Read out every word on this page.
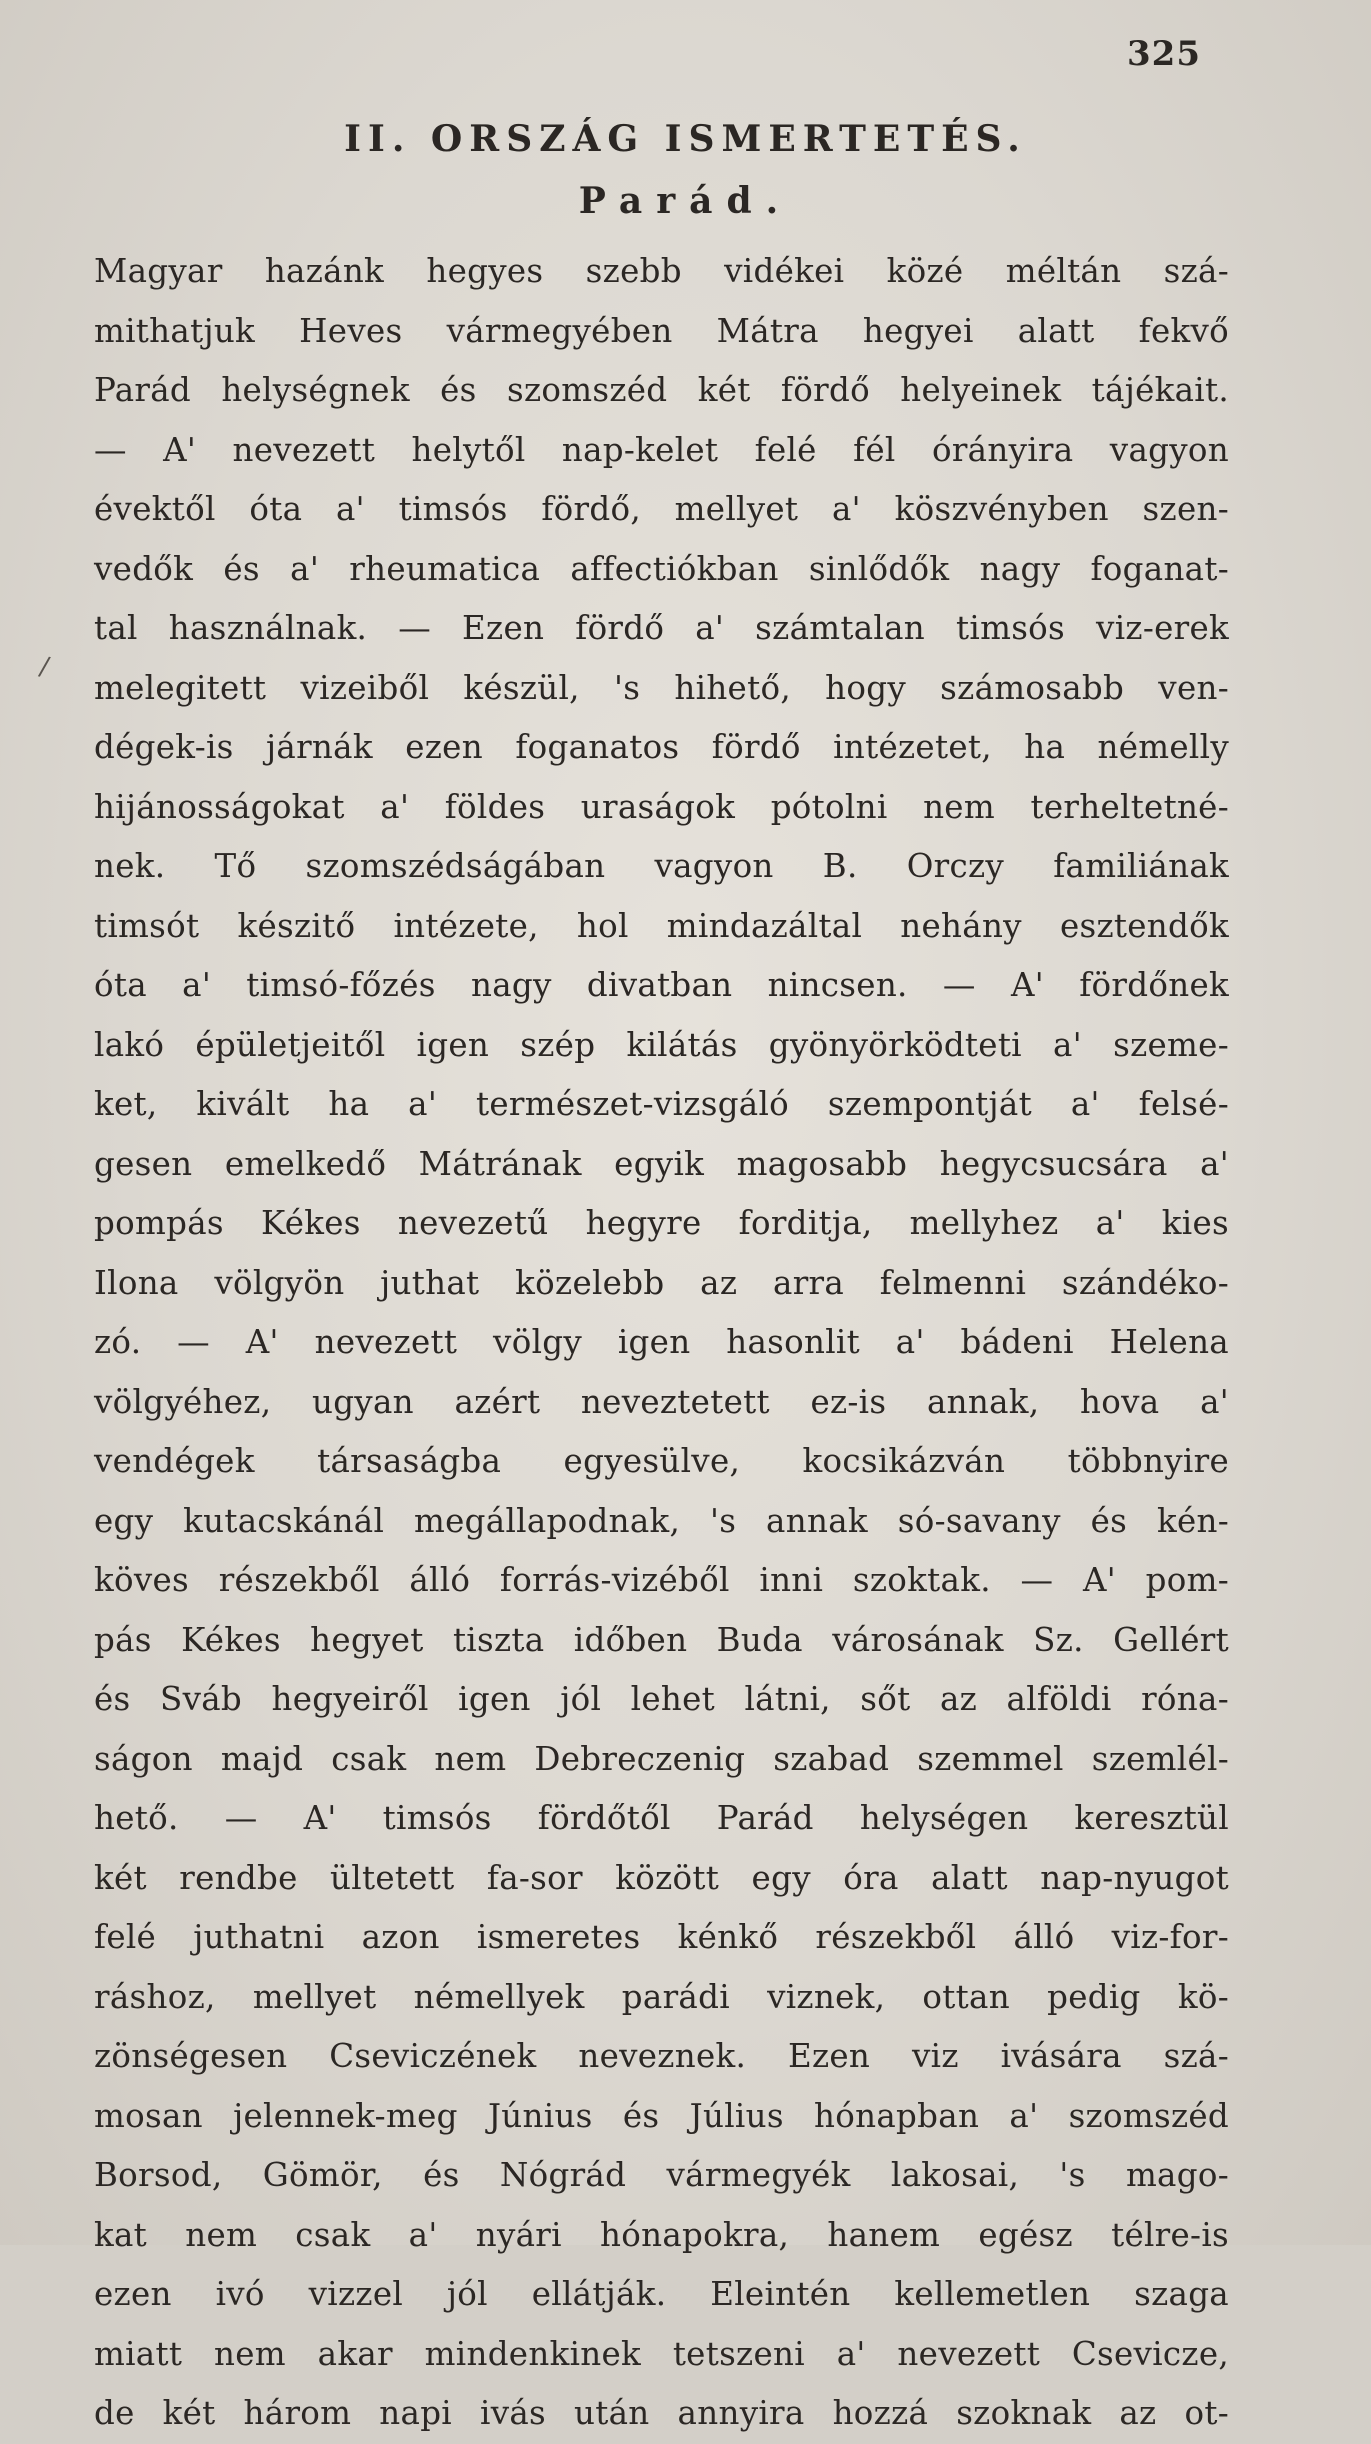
325
II. ORSZÁG ISMERTETÉS.
Parád.
/
Magyar hazánk hegyes szebb vidékei közé méltán szá-
mithatjuk Heves vármegyében Mátra hegyei alatt fekvő
Parád helységnek és szomszéd két fördő helyeinek tájékait.
— A' nevezett helytől nap-kelet felé fél órányira vagyon
évektől óta a' timsós fördő, mellyet a' köszvényben szen-
vedők és a' rheumatica affectiókban sinlődők nagy foganat-
tal használnak. — Ezen fördő a' számtalan timsós viz-erek
melegitett vizeiből készül, 's hihető, hogy számosabb ven-
dégek-is járnák ezen foganatos fördő intézetet, ha némelly
hijánosságokat a' földes uraságok pótolni nem terheltetné-
nek. Tő szomszédságában vagyon B. Orczy familiának
timsót készitő intézete, hol mindazáltal nehány esztendők
óta a' timsó-főzés nagy divatban nincsen. — A' fördőnek
lakó épületjeitől igen szép kilátás gyönyörködteti a' szeme-
ket, kivált ha a' természet-vizsgáló szempontját a' felsé-
gesen emelkedő Mátrának egyik magosabb hegycsucsára a'
pompás Kékes nevezetű hegyre forditja, mellyhez a' kies
Ilona völgyön juthat közelebb az arra felmenni szándéko-
zó. — A' nevezett völgy igen hasonlit a' bádeni Helena
völgyéhez, ugyan azért neveztetett ez-is annak, hova a'
vendégek társaságba egyesülve, kocsikázván többnyire
egy kutacskánál megállapodnak, 's annak só-savany és kén-
köves részekből álló forrás-vizéből inni szoktak. — A' pom-
pás Kékes hegyet tiszta időben Buda városának Sz. Gellért
és Sváb hegyeiről igen jól lehet látni, sőt az alföldi róna-
ságon majd csak nem Debreczenig szabad szemmel szemlél-
hető. — A' timsós fördőtől Parád helységen keresztül
két rendbe ültetett fa-sor között egy óra alatt nap-nyugot
felé juthatni azon ismeretes kénkő részekből álló viz-for-
ráshoz, mellyet némellyek parádi viznek, ottan pedig kö-
zönségesen Cseviczének neveznek. Ezen viz ivására szá-
mosan jelennek-meg Június és Július hónapban a' szomszéd
Borsod, Gömör, és Nógrád vármegyék lakosai, 's mago-
kat nem csak a' nyári hónapokra, hanem egész télre-is
ezen ivó vizzel jól ellátják. Eleintén kellemetlen szaga
miatt nem akar mindenkinek tetszeni a' nevezett Csevicze,
de két három napi ivás után annyira hozzá szoknak az ot-
